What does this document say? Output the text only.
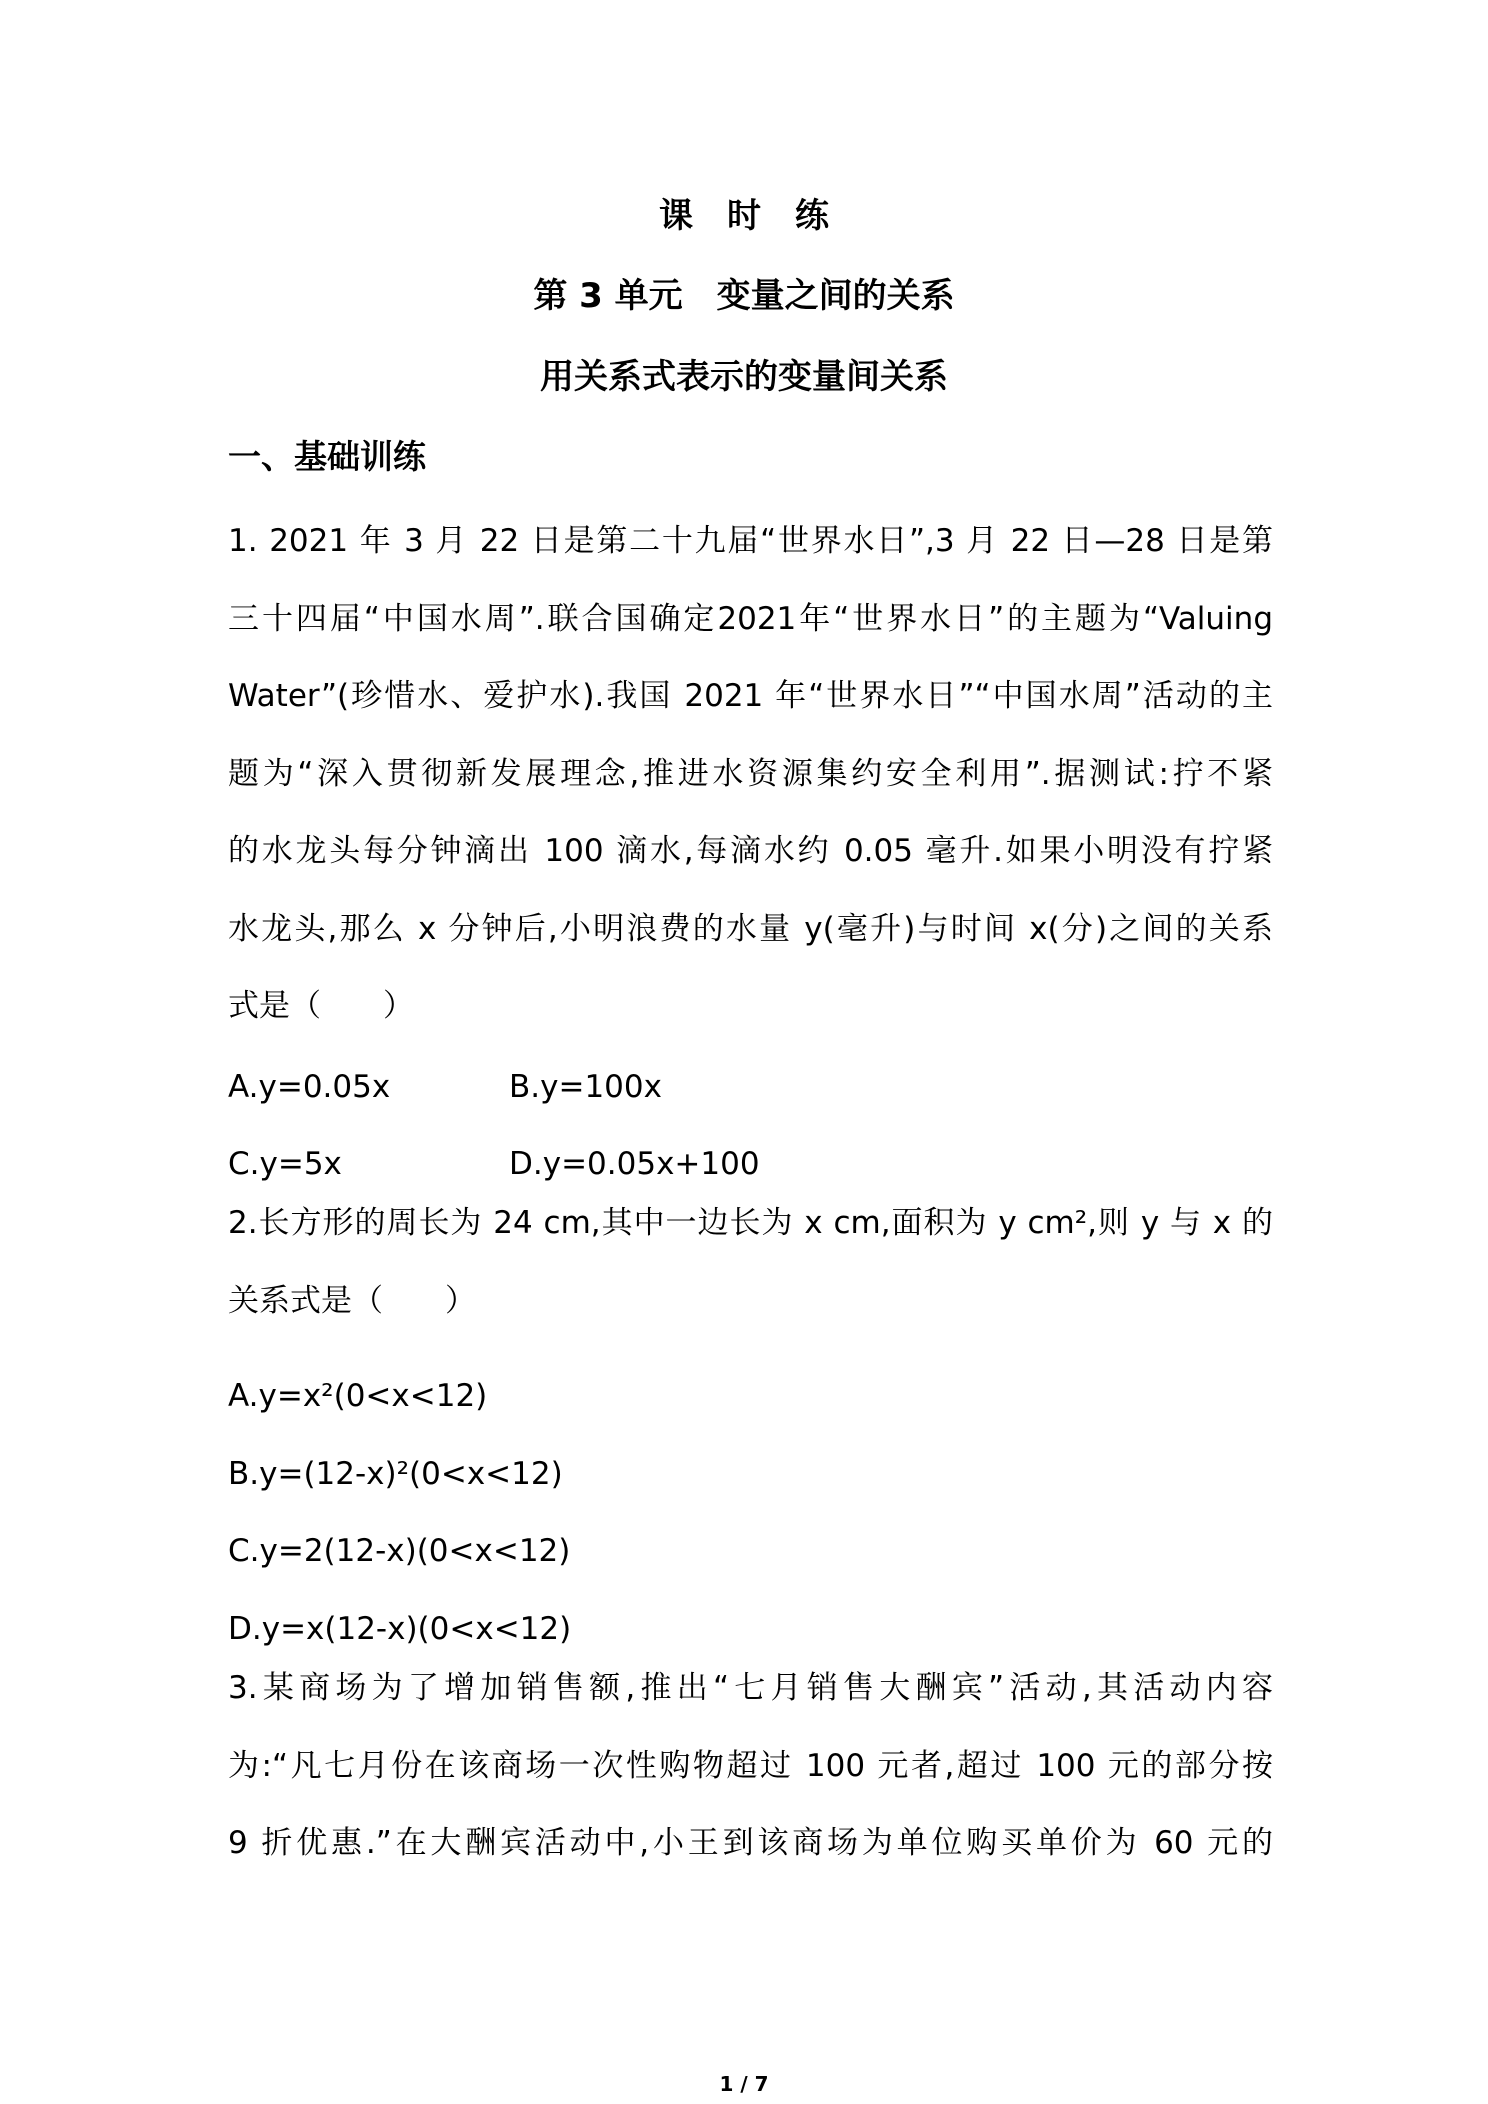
课　时　练
第 3 单元　变量之间的关系
用关系式表示的变量间关系
一、基础训练
1. 2021 年 3 月 22 日是第二十九届“世界水日”,3 月 22 日—28 日是第
三十四届“中国水周”.联合国确定2021年“世界水日”的主题为“Valuing
Water”(珍惜水、爱护水).我国 2021 年“世界水日”“中国水周”活动的主
题为“深入贯彻新发展理念,推进水资源集约安全利用”.据测试:拧不紧
的水龙头每分钟滴出 100 滴水,每滴水约 0.05 毫升.如果小明没有拧紧
水龙头,那么 x 分钟后,小明浪费的水量 y(毫升)与时间 x(分)之间的关系
式是（　　）
A.y=0.05x	B.y=100x
C.y=5x	D.y=0.05x+100
2.长方形的周长为 24 cm,其中一边长为 x cm,面积为 y cm²,则 y 与 x 的
关系式是（　　）
A.y=x²(0<x<12)
B.y=(12-x)²(0<x<12)
C.y=2(12-x)(0<x<12)
D.y=x(12-x)(0<x<12)
3.某商场为了增加销售额,推出“七月销售大酬宾”活动,其活动内容
为:“凡七月份在该商场一次性购物超过 100 元者,超过 100 元的部分按
9 折优惠.”在大酬宾活动中,小王到该商场为单位购买单价为 60 元的
1 / 7
